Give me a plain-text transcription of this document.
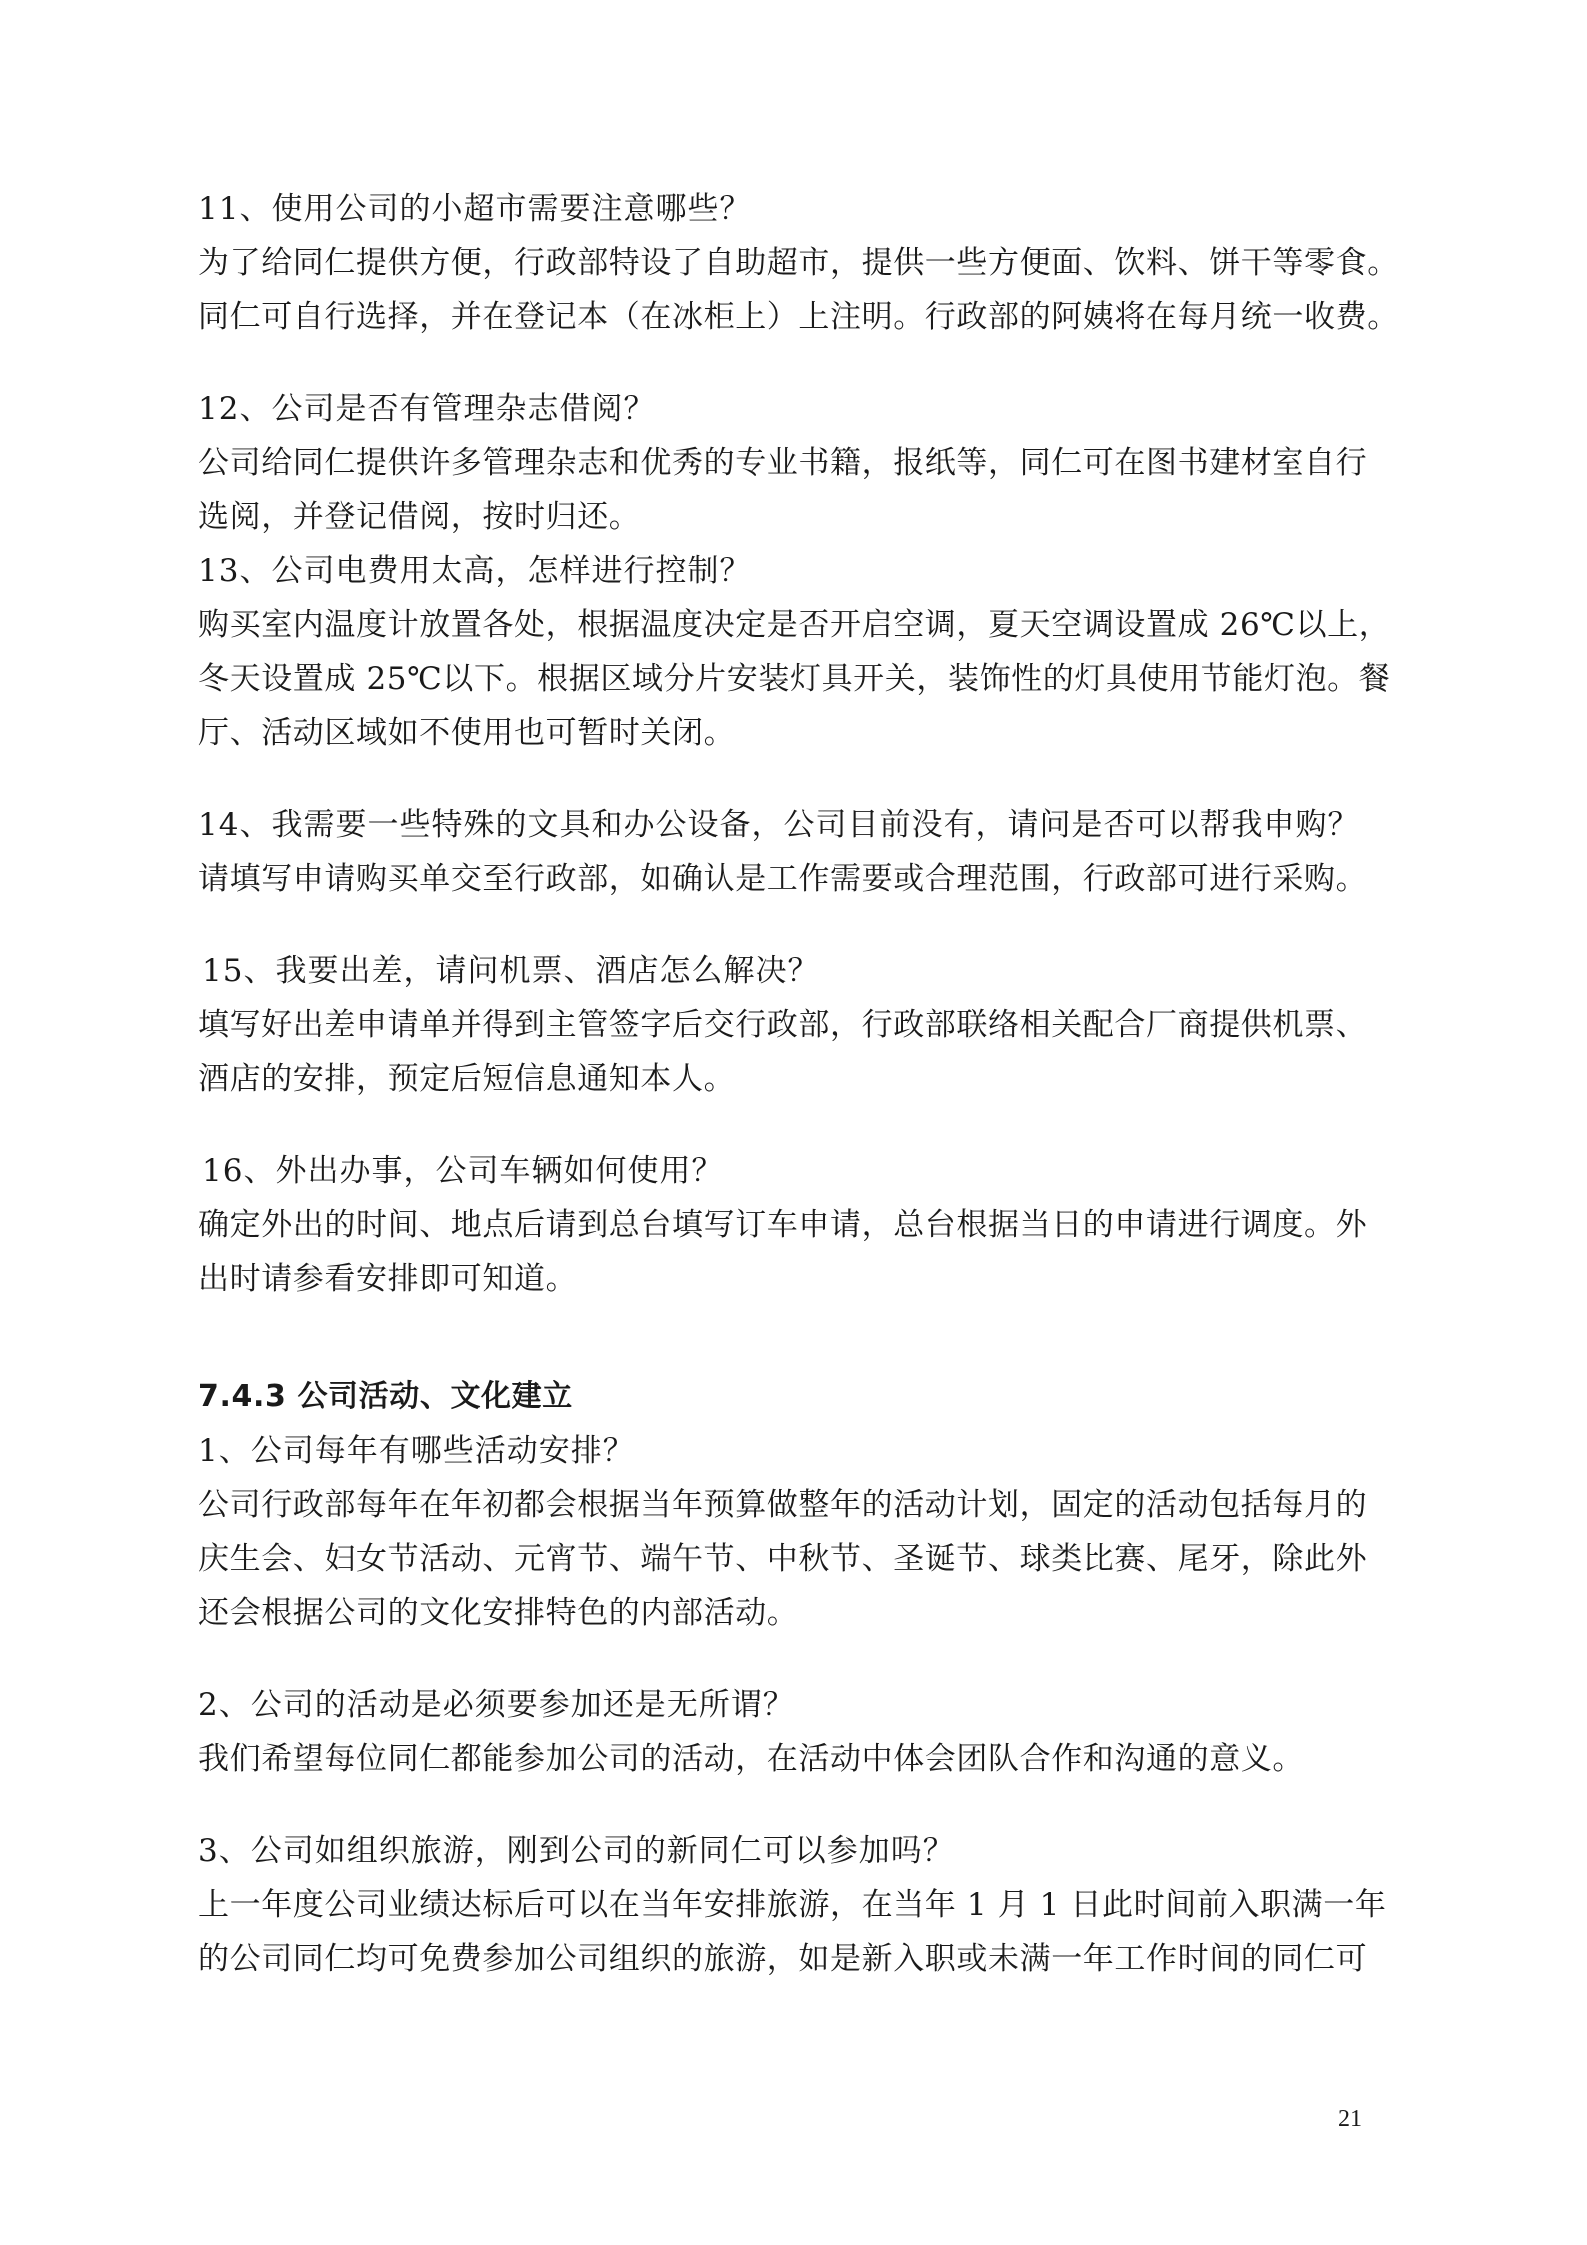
11、使用公司的小超市需要注意哪些？
为了给同仁提供方便，行政部特设了自助超市，提供一些方便面、饮料、饼干等零食。
同仁可自行选择，并在登记本（在冰柜上）上注明。行政部的阿姨将在每月统一收费。
12、公司是否有管理杂志借阅？
公司给同仁提供许多管理杂志和优秀的专业书籍，报纸等，同仁可在图书建材室自行
选阅，并登记借阅，按时归还。
13、公司电费用太高，怎样进行控制？
购买室内温度计放置各处，根据温度决定是否开启空调，夏天空调设置成 26℃以上，
冬天设置成 25℃以下。根据区域分片安装灯具开关，装饰性的灯具使用节能灯泡。餐
厅、活动区域如不使用也可暂时关闭。
14、我需要一些特殊的文具和办公设备，公司目前没有，请问是否可以帮我申购？
请填写申请购买单交至行政部，如确认是工作需要或合理范围，行政部可进行采购。
15、我要出差，请问机票、酒店怎么解决？
填写好出差申请单并得到主管签字后交行政部，行政部联络相关配合厂商提供机票、
酒店的安排，预定后短信息通知本人。
16、外出办事，公司车辆如何使用？
确定外出的时间、地点后请到总台填写订车申请，总台根据当日的申请进行调度。外
出时请参看安排即可知道。
7.4.3 公司活动、文化建立
1、公司每年有哪些活动安排？
公司行政部每年在年初都会根据当年预算做整年的活动计划，固定的活动包括每月的
庆生会、妇女节活动、元宵节、端午节、中秋节、圣诞节、球类比赛、尾牙，除此外
还会根据公司的文化安排特色的内部活动。
2、公司的活动是必须要参加还是无所谓？
我们希望每位同仁都能参加公司的活动，在活动中体会团队合作和沟通的意义。
3、公司如组织旅游，刚到公司的新同仁可以参加吗？
上一年度公司业绩达标后可以在当年安排旅游，在当年 1 月 1 日此时间前入职满一年
的公司同仁均可免费参加公司组织的旅游，如是新入职或未满一年工作时间的同仁可
21
